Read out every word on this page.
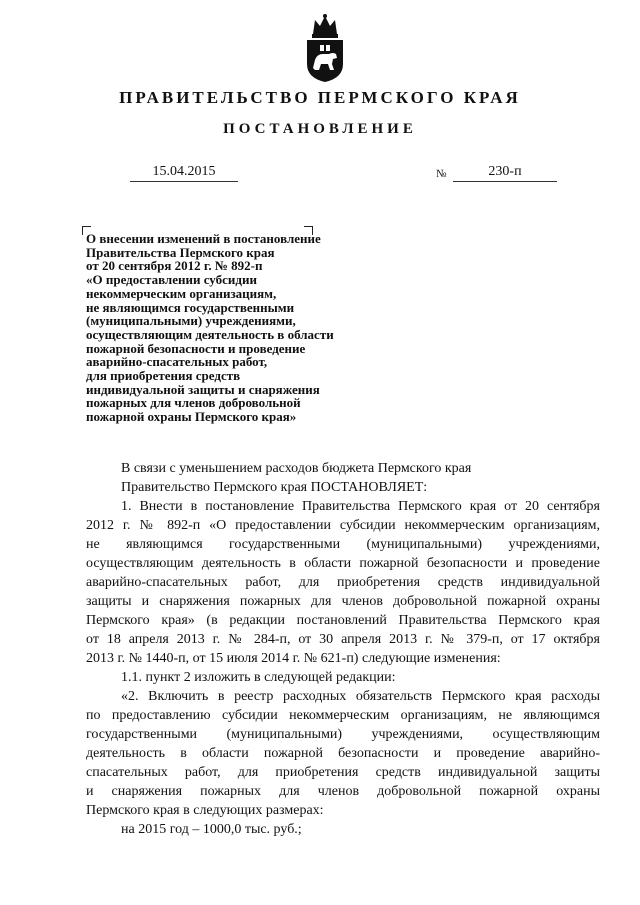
ПРАВИТЕЛЬСТВО ПЕРМСКОГО КРАЯ
ПОСТАНОВЛЕНИЕ
15.04.2015	№	230-п
О внесении изменений в постановление
Правительства Пермского края
от 20 сентября 2012 г. № 892-п
«О предоставлении субсидии
некоммерческим организациям,
не являющимся государственными
(муниципальными) учреждениями,
осуществляющим деятельность в области
пожарной безопасности и проведение
аварийно-спасательных работ,
для приобретения средств
индивидуальной защиты и снаряжения
пожарных для членов добровольной
пожарной охраны Пермского края»
В связи с уменьшением расходов бюджета Пермского края
Правительство Пермского края ПОСТАНОВЛЯЕТ:
1. Внести в постановление Правительства Пермского края от 20 сентября
2012 г. № 892-п «О предоставлении субсидии некоммерческим организациям,
не являющимся государственными (муниципальными) учреждениями,
осуществляющим деятельность в области пожарной безопасности и проведение
аварийно-спасательных работ, для приобретения средств индивидуальной
защиты и снаряжения пожарных для членов добровольной пожарной охраны
Пермского края» (в редакции постановлений Правительства Пермского края
от 18 апреля 2013 г. № 284-п, от 30 апреля 2013 г. № 379-п, от 17 октября
2013 г. № 1440-п, от 15 июля 2014 г. № 621-п) следующие изменения:
1.1. пункт 2 изложить в следующей редакции:
«2. Включить в реестр расходных обязательств Пермского края расходы
по предоставлению субсидии некоммерческим организациям, не являющимся
государственными (муниципальными) учреждениями, осуществляющим
деятельность в области пожарной безопасности и проведение аварийно-
спасательных работ, для приобретения средств индивидуальной защиты
и снаряжения пожарных для членов добровольной пожарной охраны
Пермского края в следующих размерах:
на 2015 год – 1000,0 тыс. руб.;
